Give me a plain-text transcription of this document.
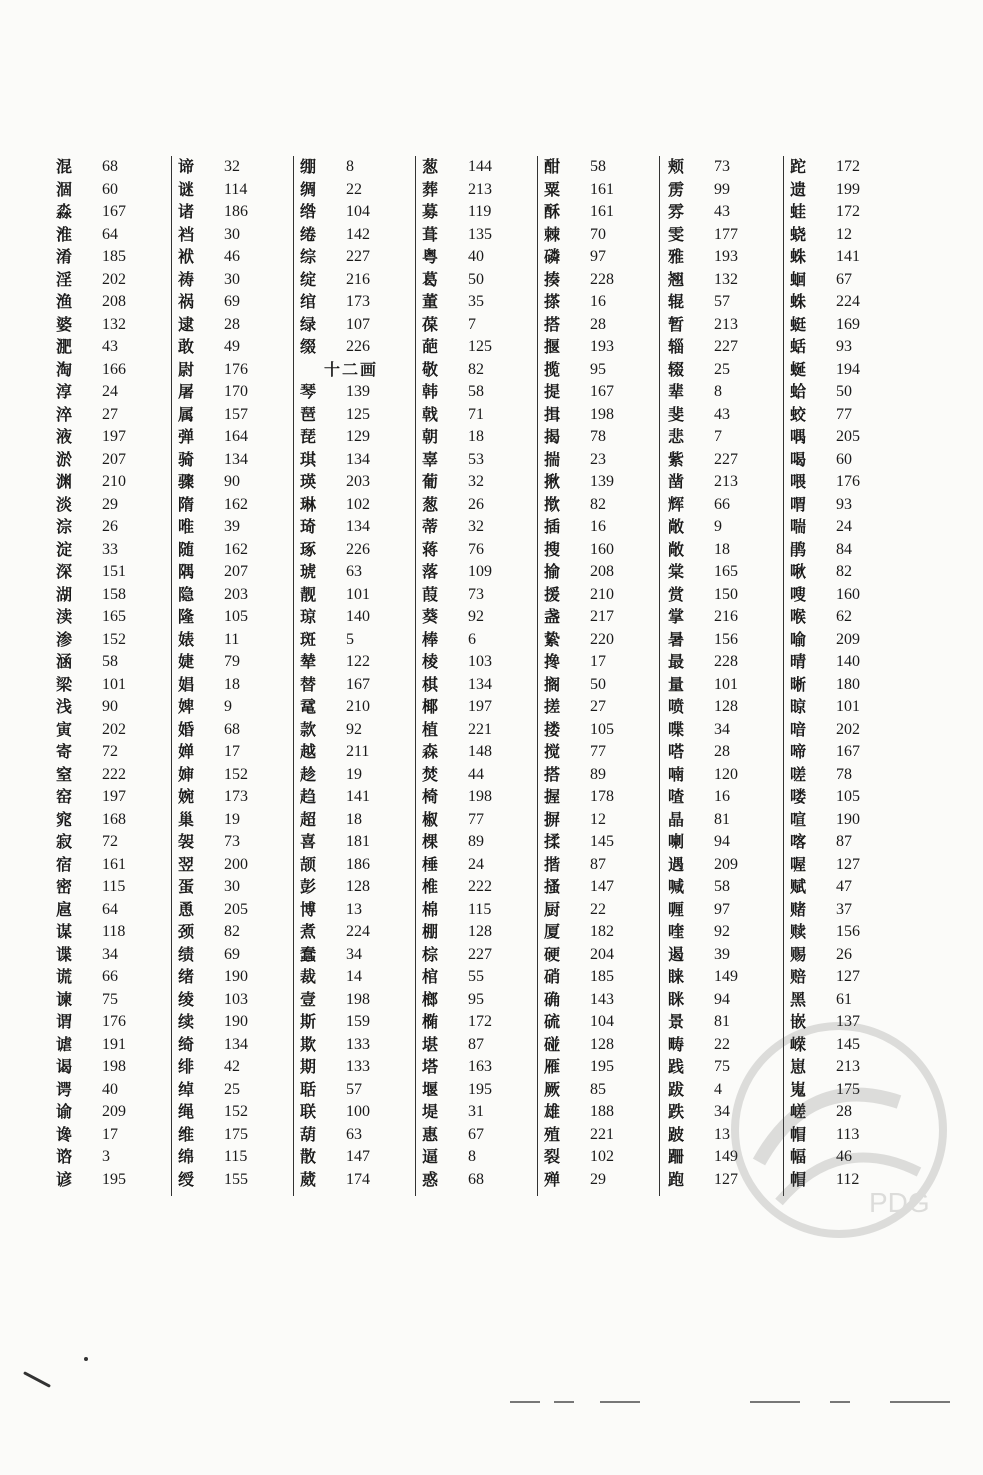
混	68
涸	60
淼	167
淮	64
淆	185
淫	202
渔	208
婆	132
淝	43
淘	166
淳	24
淬	27
液	197
淤	207
渊	210
淡	29
淙	26
淀	33
深	151
湖	158
渎	165
渗	152
涵	58
梁	101
浅	90
寅	202
寄	72
窒	222
窑	197
窕	168
寂	72
宿	161
密	115
扈	64
谋	118
谍	34
谎	66
谏	75
谓	176
谑	191
谒	198
谔	40
谕	209
谗	17
谘	3
谚	195
谛	32
谜	114
诸	186
裆	30
袱	46
祷	30
祸	69
逮	28
敢	49
尉	176
屠	170
属	157
弹	164
骑	134
骤	90
隋	162
唯	39
随	162
隅	207
隐	203
隆	105
婊	11
婕	79
娼	18
婢	9
婚	68
婵	17
婶	152
婉	173
巢	19
袈	73
翌	200
蛋	30
恿	205
颈	82
绩	69
绪	190
绫	103
续	190
绮	134
绯	42
绰	25
绳	152
维	175
绵	115
绶	155
绷	8
绸	22
绺	104
绻	142
综	227
绽	216
绾	173
绿	107
缀	226
十二画
琴	139
琶	125
琵	129
琪	134
瑛	203
琳	102
琦	134
琢	226
琥	63
靓	101
琼	140
斑	5
辇	122
替	167
鼋	210
款	92
越	211
趁	19
趋	141
超	18
喜	181
颉	186
彭	128
博	13
煮	224
蠢	34
裁	14
壹	198
斯	159
欺	133
期	133
聒	57
联	100
葫	63
散	147
葳	174
葱	144
葬	213
募	119
葺	135
粤	40
葛	50
董	35
葆	7
葩	125
敬	82
韩	58
戟	71
朝	18
辜	53
葡	32
葱	26
蒂	32
蒋	76
落	109
葭	73
葵	92
棒	6
棱	103
棋	134
椰	197
植	221
森	148
焚	44
椅	198
椒	77
棵	89
棰	24
椎	222
棉	115
棚	128
棕	227
棺	55
榔	95
椭	172
堪	87
塔	163
堰	195
堤	31
惠	67
逼	8
惑	68
酣	58
粟	161
酥	161
棘	70
磷	97
揍	228
搽	16
搭	28
揠	193
揽	95
提	167
揖	198
揭	78
揣	23
揪	139
揿	82
插	16
搜	160
揄	208
援	210
盏	217
絷	220
搀	17
搁	50
搓	27
搂	105
搅	77
搭	89
握	178
摒	12
揉	145
揩	87
搔	147
厨	22
厦	182
硬	204
硝	185
确	143
硫	104
碰	128
雁	195
厥	85
雄	188
殖	221
裂	102
殚	29
颊	73
雳	99
雰	43
雯	177
雅	193
翘	132
辊	57
暂	213
辎	227
辍	25
辈	8
斐	43
悲	7
紫	227
凿	213
辉	66
敞	9
敞	18
棠	165
赏	150
掌	216
暑	156
最	228
量	101
喷	128
喋	34
嗒	28
喃	120
喳	16
晶	81
喇	94
遇	209
喊	58
喱	97
喹	92
遏	39
睐	149
眯	94
景	81
畴	22
践	75
跋	4
跌	34
跛	13
跚	149
跑	127
跎	172
遗	199
蛙	172
蛲	12
蛛	141
蛔	67
蛛	224
蜓	169
蛞	93
蜒	194
蛤	50
蛟	77
喁	205
喝	60
喂	176
喟	93
喘	24
鹃	84
啾	82
嗖	160
喉	62
喻	209
晴	140
晰	180
晾	101
喑	202
啼	167
嗟	78
喽	105
喧	190
喀	87
喔	127
赋	47
赌	37
赎	156
赐	26
赔	127
黑	61
嵌	137
嵘	145
崽	213
嵬	175
嵯	28
帽	113
幅	46
帽	112
PDG
